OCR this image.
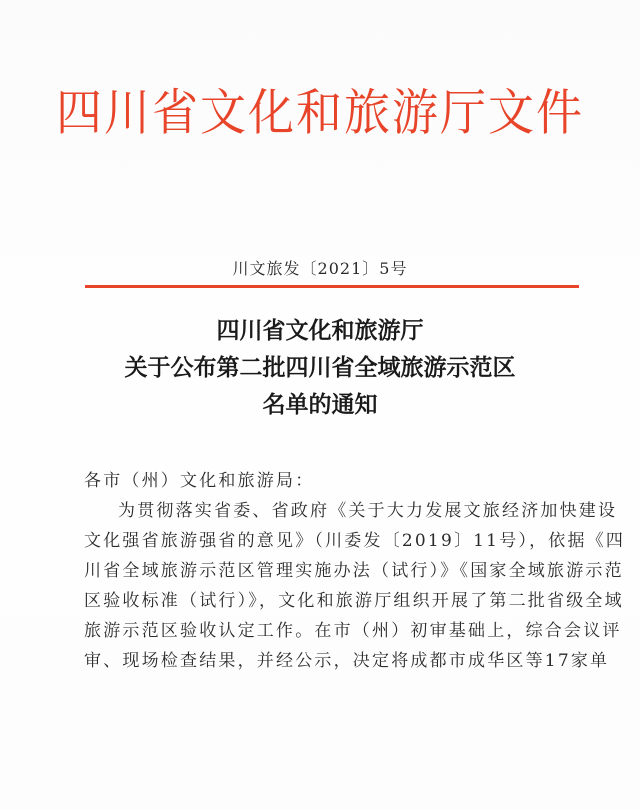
四川省文化和旅游厅文件
川文旅发〔2021〕5号
四川省文化和旅游厅
关于公布第二批四川省全域旅游示范区
名单的通知
各市（州）文化和旅游局：
为贯彻落实省委、省政府《关于大力发展文旅经济加快建设
文化强省旅游强省的意见》（川委发〔2019〕11号），依据《四
川省全域旅游示范区管理实施办法（试行）》《国家全域旅游示范
区验收标准（试行）》，文化和旅游厅组织开展了第二批省级全域
旅游示范区验收认定工作。在市（州）初审基础上，综合会议评
审、现场检查结果，并经公示，决定将成都市成华区等17家单
